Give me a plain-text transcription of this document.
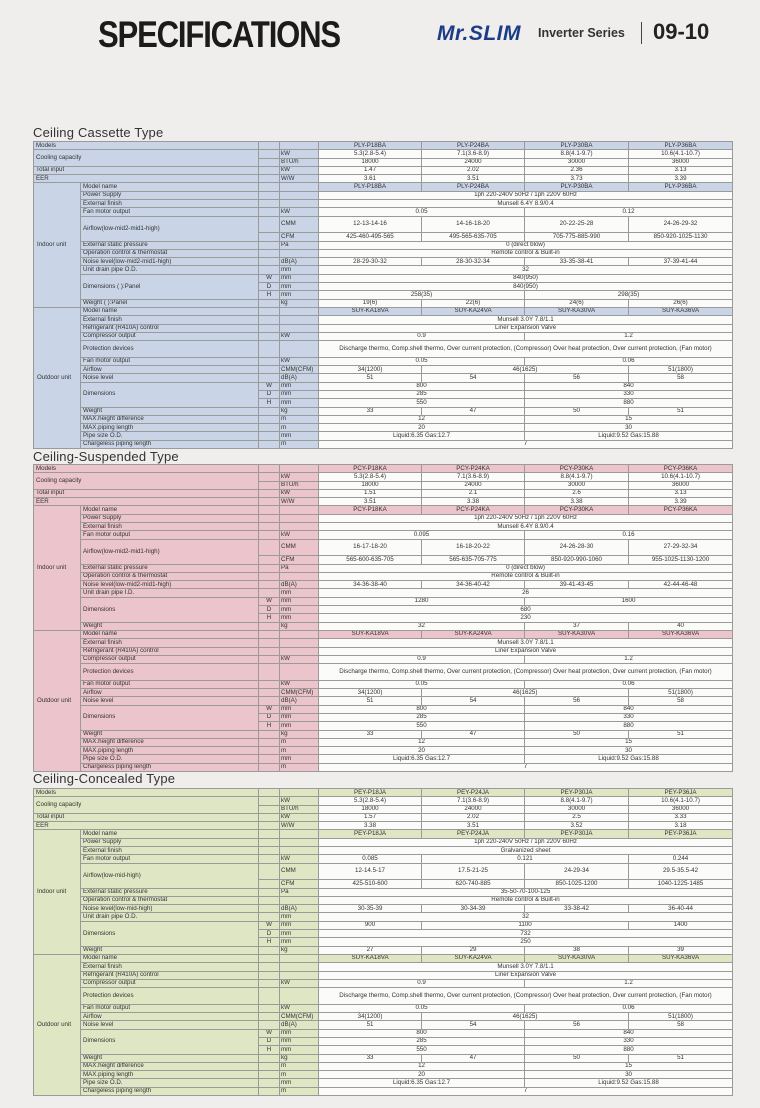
SPECIFICATIONS	Mr.SLIM Inverter Series 09-10
Ceiling Cassette Type
Models				PLY-P18BA	PLY-P24BA	PLY-P30BA	PLY-P36BA
Cooling capacity			kW	5.3(2.8-5.4)	7.1(3.6-8.9)	8.8(4.1-9.7)	10.6(4.1-10.7)
			BTU/h	18000	24000	30000	36000
Total input			kW	1.47	2.02	2.36	3.13
EER			W/W	3.61	3.51	3.73	3.39
Indoor unit	Model name			PLY-P18BA	PLY-P24BA	PLY-P30BA	PLY-P36BA
	Power Supply			1ph 220-240V 50Hz / 1ph 220V 60Hz			
	External finish			Munsell 6.4Y 8.9/0.4			
	Fan motor output		kW	0.05		0.12	
	Airflow(low-mid2-mid1-high)		CMM	12-13-14-16	14-16-18-20	20-22-25-28	24-26-29-32
			CFM	425-460-495-565	495-565-635-705	705-775-885-990	850-920-1025-1130
	External static pressure		Pa	0 (direct blow)			
	Operation control & thermostat			Remote control & Built-in			
	Noise level(low-mid2-mid1-high)		dB(A)	28-29-30-32	28-30-32-34	33-35-38-41	37-39-41-44
	Unit drain pipe O.D.		mm	32			
	Dimensions ( ):Panel	W	mm	840(950)			
		D	mm	840(950)			
		H	mm	258(35)		298(35)	
	Weight ( ):Panel		kg	19(6)	22(6)	24(6)	26(6)
Outdoor unit	Model name			SUY-KA18VA	SUY-KA24VA	SUY-KA30VA	SUY-KA36VA
	External finish			Munsell 3.0Y 7.8/1.1			
	Refrigerant (R410A) control			Liner Expansion Valve			
	Compressor output		kW	0.9		1.2	
	Protection devices			Discharge thermo, Comp.shell thermo, Over current protection, (Compressor) Over heat protection, Over current protection, (Fan motor)			
	Fan motor output		kW	0.05		0.06	
	Airflow		CMM(CFM)	34(1200)	46(1625)		51(1800)
	Noise level		dB(A)	51	54	56	58
	Dimensions	W	mm	800		840	
		D	mm	285		330	
		H	mm	550		880	
	Weight		kg	33	47	50	51
	MAX.height difference		m	12		15	
	MAX.piping length		m	20		30	
	Pipe size O.D.		mm	Liquid:6.35 Gas:12.7		Liquid:9.52 Gas:15.88	
	Chargeless piping length		m	7			
Ceiling-Suspended Type
Models				PCY-P18KA	PCY-P24KA	PCY-P30KA	PCY-P36KA
Cooling capacity			kW	5.3(2.8-5.4)	7.1(3.6-8.9)	8.8(4.1-9.7)	10.6(4.1-10.7)
			BTU/h	18000	24000	30000	36000
Total input			kW	1.51	2.1	2.6	3.13
EER			W/W	3.51	3.38	3.38	3.39
Indoor unit	Model name			PCY-P18KA	PCY-P24KA	PCY-P30KA	PCY-P36KA
	Power Supply			1ph 220-240V 50Hz / 1ph 220V 60Hz			
	External finish			Munsell 6.4Y 8.9/0.4			
	Fan motor output		kW	0.095		0.16	
	Airflow(low-mid2-mid1-high)		CMM	16-17-18-20	16-18-20-22	24-26-28-30	27-29-32-34
			CFM	565-600-635-705	565-635-705-775	850-920-990-1060	955-1025-1130-1200
	External static pressure		Pa	0 (direct blow)			
	Operation control & thermostat			Remote control & Built-in			
	Noise level(low-mid2-mid1-high)		dB(A)	34-36-38-40	34-36-40-42	39-41-43-45	42-44-46-48
	Unit drain pipe I.D.		mm	26			
	Dimensions	W	mm	1280		1600	
		D	mm	680			
		H	mm	230			
	Weight		kg	32		37	40
Outdoor unit	Model name			SUY-KA18VA	SUY-KA24VA	SUY-KA30VA	SUY-KA36VA
	External finish			Munsell 3.0Y 7.8/1.1			
	Refrigerant (R410A) control			Liner Expansion Valve			
	Compressor output		kW	0.9		1.2	
	Protection devices			Discharge thermo, Comp.shell thermo, Over current protection, (Compressor) Over heat protection, Over current protection, (Fan motor)			
	Fan motor output		kW	0.05		0.06	
	Airflow		CMM(CFM)	34(1200)	46(1625)		51(1800)
	Noise level		dB(A)	51	54	56	58
	Dimensions	W	mm	800		840	
		D	mm	285		330	
		H	mm	550		880	
	Weight		kg	33	47	50	51
	MAX.height difference		m	12		15	
	MAX.piping length		m	20		30	
	Pipe size O.D.		mm	Liquid:6.35 Gas:12.7		Liquid:9.52 Gas:15.88	
	Chargeless piping length		m	7			
Ceiling-Concealed Type
Models				PEY-P18JA	PEY-P24JA	PEY-P30JA	PEY-P36JA
Cooling capacity			kW	5.3(2.8-5.4)	7.1(3.6-8.9)	8.8(4.1-9.7)	10.6(4.1-10.7)
			BTU/h	18000	24000	30000	36000
Total input			kW	1.57	2.02	2.5	3.33
EER			W/W	3.38	3.51	3.52	3.18
Indoor unit	Model name			PEY-P18JA	PEY-P24JA	PEY-P30JA	PEY-P36JA
	Power Supply			1ph 220-240V 50Hz / 1ph 220V 60Hz			
	External finish			Gralvanized sheet			
	Fan motor output		kW	0.085	0.121		0.244
	Airflow(low-mid-high)		CMM	12-14.5-17	17.5-21-25	24-29-34	29.5-35.5-42
			CFM	425-510-600	620-740-885	850-1025-1200	1040-1225-1485
	External static pressure		Pa	35-50-70-100-125			
	Operation control & thermostat			Remote control & Built-in			
	Noise level(low-mid-high)		dB(A)	30-35-39	30-34-39	33-38-42	36-40-44
	Unit drain pipe O.D.		mm	32			
	Dimensions	W	mm	900	1100		1400
		D	mm	732			
		H	mm	250			
	Weight		kg	27	29	38	39
Outdoor unit	Model name			SUY-KA18VA	SUY-KA24VA	SUY-KA30VA	SUY-KA36VA
	External finish			Munsell 3.0Y 7.8/1.1			
	Refrigerant (R410A) control			Liner Expansion Valve			
	Compressor output		kW	0.9		1.2	
	Protection devices			Discharge thermo, Comp.shell thermo, Over current protection, (Compressor) Over heat protection, Over current protection, (Fan motor)			
	Fan motor output		kW	0.05		0.06	
	Airflow		CMM(CFM)	34(1200)	46(1625)		51(1800)
	Noise level		dB(A)	51	54	56	58
	Dimensions	W	mm	800		840	
		D	mm	285		330	
		H	mm	550		880	
	Weight		kg	33	47	50	51
	MAX.height difference		m	12		15	
	MAX.piping length		m	20		30	
	Pipe size O.D.		mm	Liquid:6.35 Gas:12.7		Liquid:9.52 Gas:15.88	
	Chargeless piping length		m	7			
